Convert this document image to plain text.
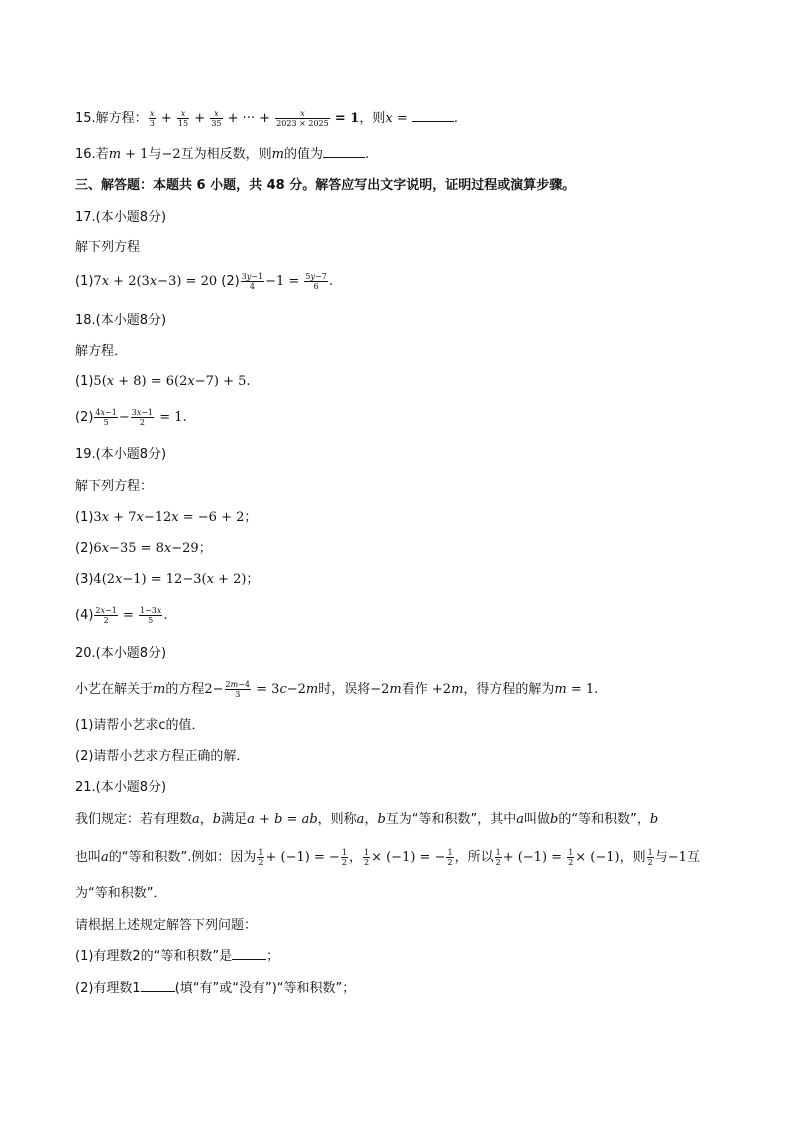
15.解方程： $\frac{x}{3} + \frac{x}{15} + \frac{x}{35}$ + ··· + $\frac{x}{2023 \times 2025} = 1$，则x =	.
16.若m + 1与−2互为相反数，则m的值为	.
三、解答题：本题共 6 小题，共 48 分。解答应写出文字说明，证明过程或演算步骤。
17.(本小题8分)
解下列方程
(1)7x + 2(3x−3) = 20 $(2) \frac{3y-1}{4} -1 = \frac{5y-7}{6}$ .
18.(本小题8分)
解方程．
(1)5(x + 8) = 6(2x−7) + 5.
$(2) \frac{4x-1}{5} - \frac{3x-1}{2} = 1$.
19.(本小题8分)
解下列方程：
(1)3x + 7x−12x = −6 + 2；
(2)6x−35 = 8x−29；
(3)4(2x−1) = 12−3(x + 2)；
$(4) \frac{2x-1}{2} = \frac{1-3x}{5}$ .
20.(本小题8分)
小艺在解关于m的方程$2- \frac{2m-4}{3} = 3c-2m$时，误将−2m看作 +2m，得方程的解为m = 1.
(1)请帮小艺求c的值．
(2)请帮小艺求方程正确的解．
21.(本小题8分)
我们规定：若有理数a，b满足a + b = ab，则称a，b互为“等和积数”，其中a叫做b的“等和积数”，b
也叫a的“等和积数”.例如：因为 $\frac{1}{2} + (-1)$ = − $\frac{1}{2}$ ， $\frac{1}{2} \times (-1)$ = − $\frac{1}{2}$ ，所以 $\frac{1}{2} + (-1) = \frac{1}{2} \times (-1)$，则 $\frac{1}{2}$ 与−1互
为“等和积数”．
请根据上述规定解答下列问题：
(1)有理数2的“等和积数”是	；
(2)有理数1	(填“有”或“没有”)“等和积数”；
